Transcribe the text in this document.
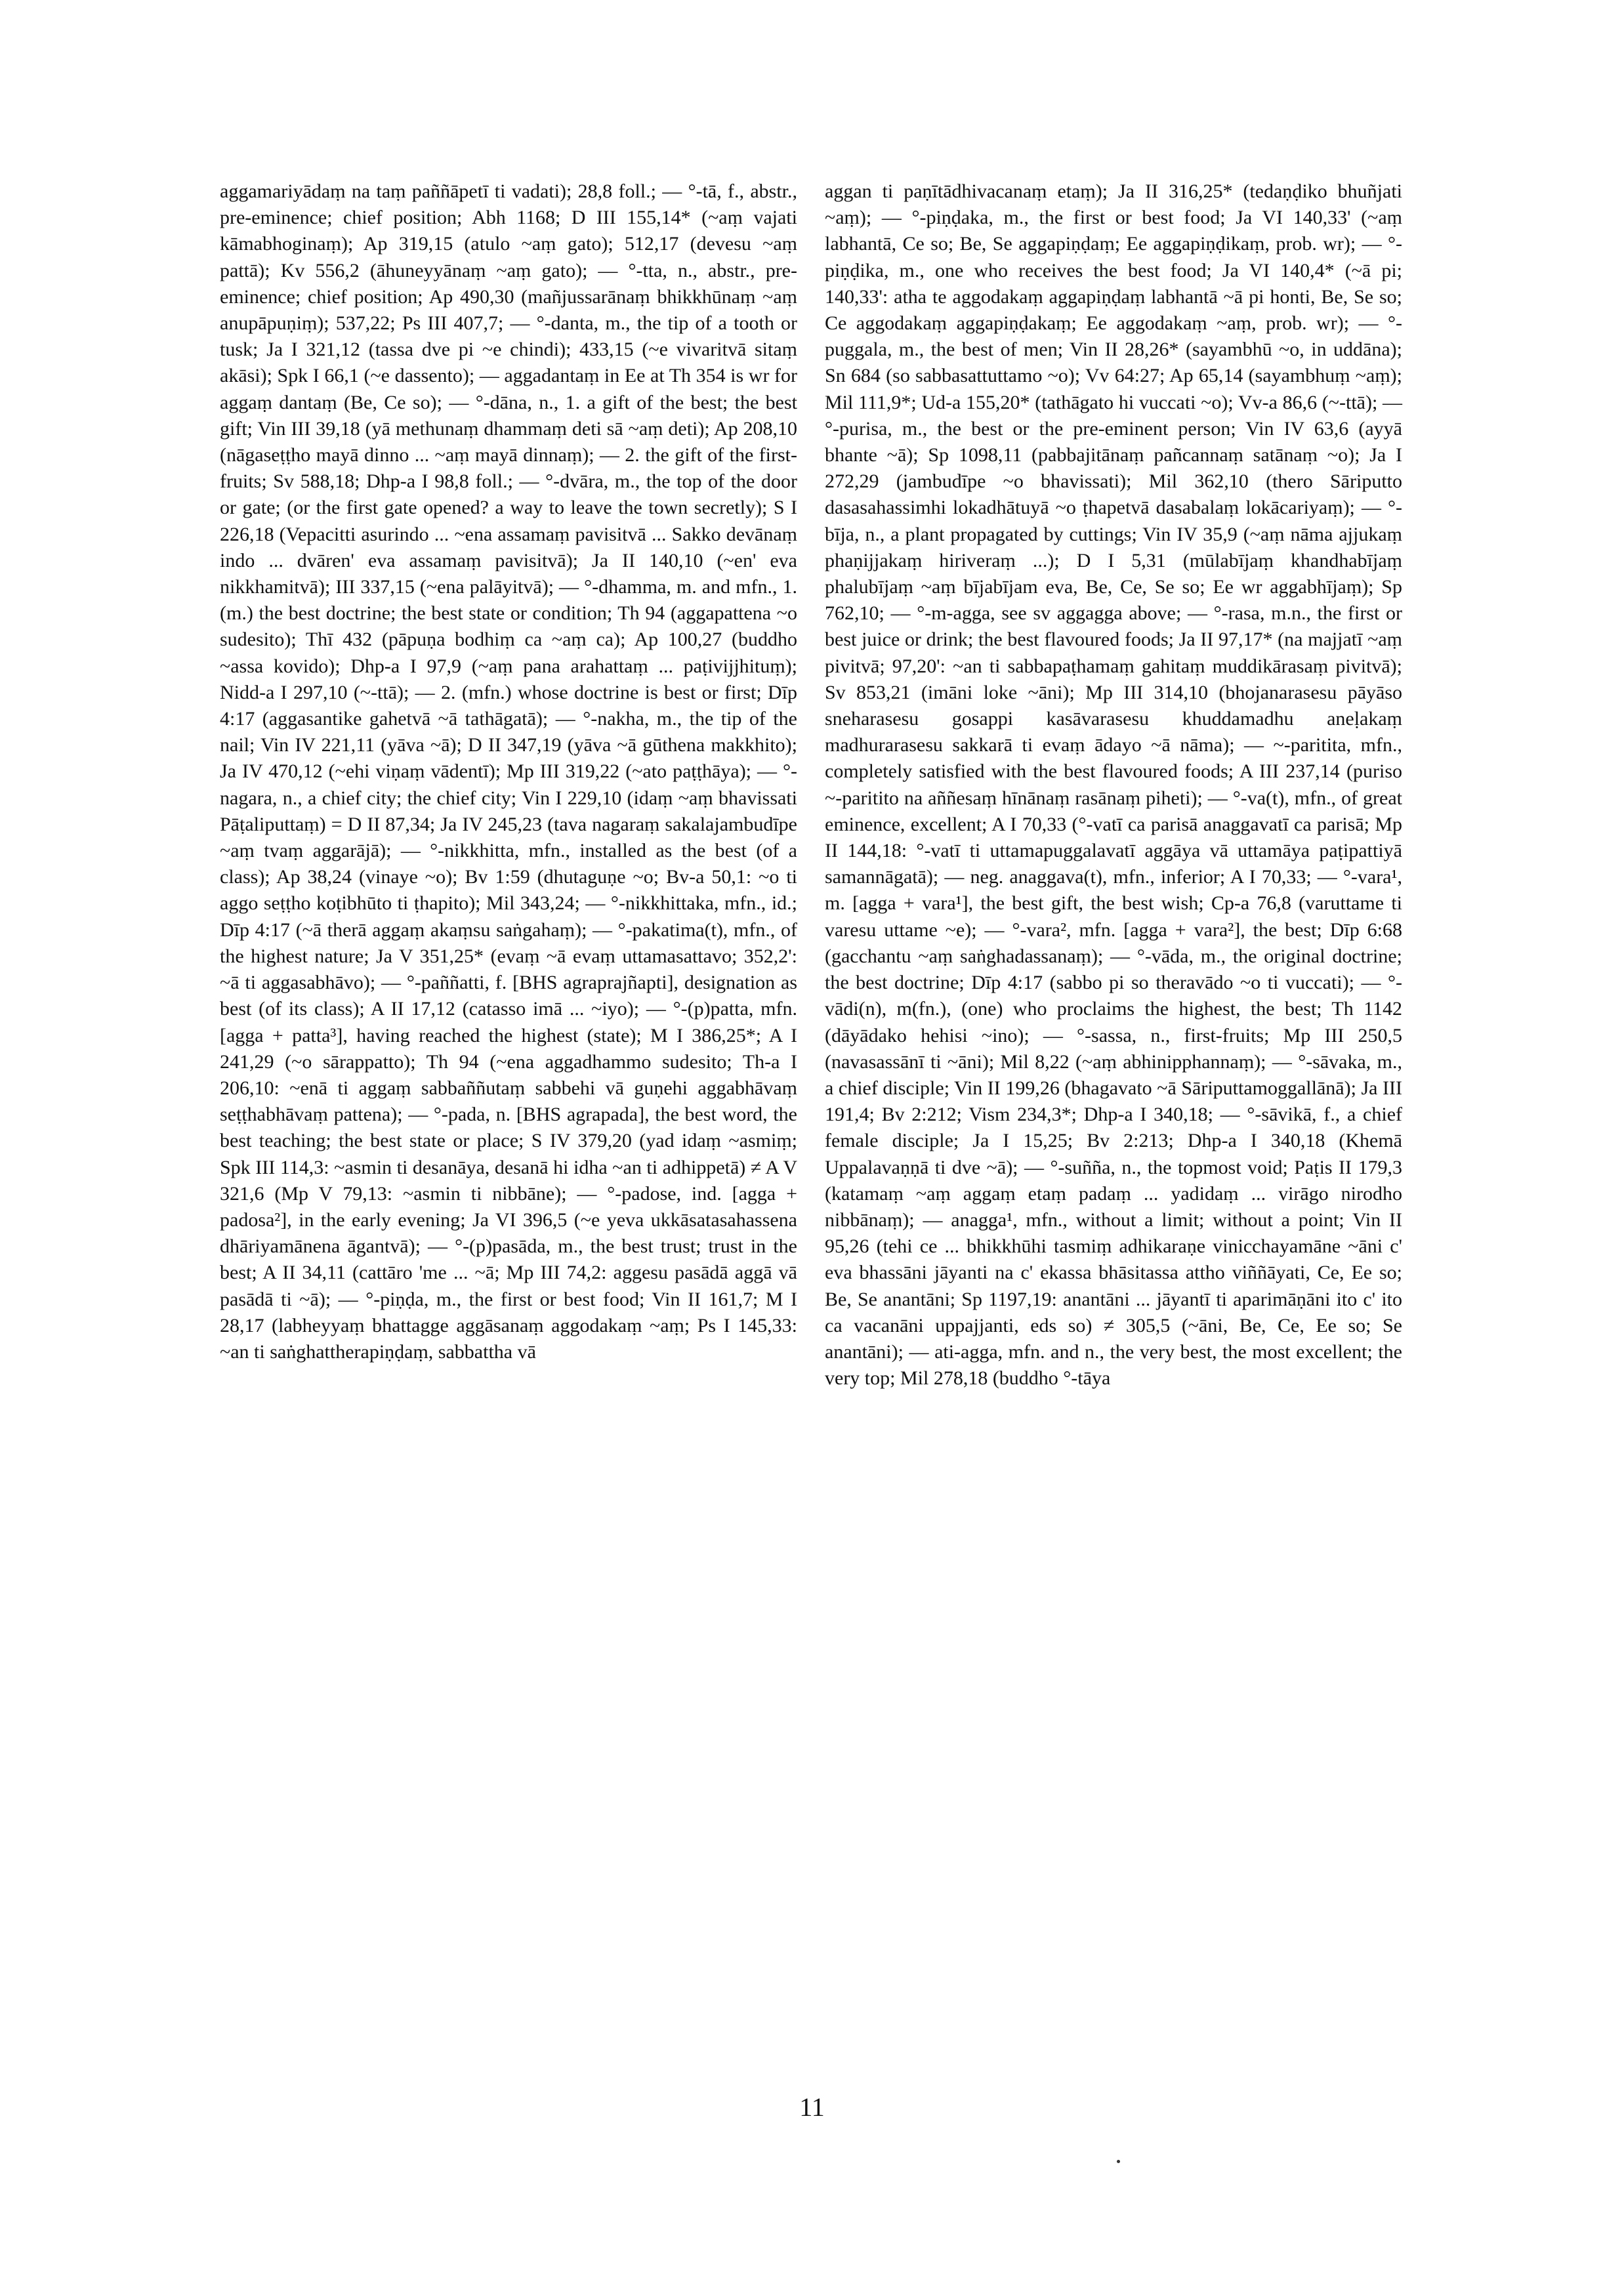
aggamariyādaṃ na taṃ paññāpetī ti vadati); 28,8 foll.; — °-tā, f., abstr., pre-eminence; chief position; Abh 1168; D III 155,14* (~aṃ vajati kāmabhoginaṃ); Ap 319,15 (atulo ~aṃ gato); 512,17 (devesu ~aṃ pattā); Kv 556,2 (āhuneyyānaṃ ~aṃ gato); — °-tta, n., abstr., pre-eminence; chief position; Ap 490,30 (mañjussarānaṃ bhikkhūnaṃ ~aṃ anupāpuṇiṃ); 537,22; Ps III 407,7; — °-danta, m., the tip of a tooth or tusk; Ja I 321,12 (tassa dve pi ~e chindi); 433,15 (~e vivaritvā sitaṃ akāsi); Spk I 66,1 (~e dassento); — aggadantaṃ in Ee at Th 354 is wr for aggaṃ dantaṃ (Be, Ce so); — °-dāna, n., 1. a gift of the best; the best gift; Vin III 39,18 (yā methunaṃ dhammaṃ deti sā ~aṃ deti); Ap 208,10 (nāgaseṭṭho mayā dinno ... ~aṃ mayā dinnaṃ); — 2. the gift of the first-fruits; Sv 588,18; Dhp-a I 98,8 foll.; — °-dvāra, m., the top of the door or gate; (or the first gate opened? a way to leave the town secretly); S I 226,18 (Vepacitti asurindo ... ~ena assamaṃ pavisitvā ... Sakko devānaṃ indo ... dvāren' eva assamaṃ pavisitvā); Ja II 140,10 (~en' eva nikkhamitvā); III 337,15 (~ena palāyitvā); — °-dhamma, m. and mfn., 1. (m.) the best doctrine; the best state or condition; Th 94 (aggapattena ~o sudesito); Thī 432 (pāpuṇa bodhiṃ ca ~aṃ ca); Ap 100,27 (buddho ~assa kovido); Dhp-a I 97,9 (~aṃ pana arahattaṃ ... paṭivijjhituṃ); Nidd-a I 297,10 (~-ttā); — 2. (mfn.) whose doctrine is best or first; Dīp 4:17 (aggasantike gahetvā ~ā tathāgatā); — °-nakha, m., the tip of the nail; Vin IV 221,11 (yāva ~ā); D II 347,19 (yāva ~ā gūthena makkhito); Ja IV 470,12 (~ehi viṇaṃ vādentī); Mp III 319,22 (~ato paṭṭhāya); — °-nagara, n., a chief city; the chief city; Vin I 229,10 (idaṃ ~aṃ bhavissati Pāṭaliputtaṃ) = D II 87,34; Ja IV 245,23 (tava nagaraṃ sakalajambudīpe ~aṃ tvaṃ aggarājā); — °-nikkhitta, mfn., installed as the best (of a class); Ap 38,24 (vinaye ~o); Bv 1:59 (dhutaguṇe ~o; Bv-a 50,1: ~o ti aggo seṭṭho koṭibhūto ti ṭhapito); Mil 343,24; — °-nikkhittaka, mfn., id.; Dīp 4:17 (~ā therā aggaṃ akaṃsu saṅgahaṃ); — °-pakatima(t), mfn., of the highest nature; Ja V 351,25* (evaṃ ~ā evaṃ uttamasattavo; 352,2': ~ā ti aggasabhāvo); — °-paññatti, f. [BHS agraprajñapti], designation as best (of its class); A II 17,12 (catasso imā ... ~iyo); — °-(p)patta, mfn. [agga + patta³], having reached the highest (state); M I 386,25*; A I 241,29 (~o sārappatto); Th 94 (~ena aggadhammo sudesito; Th-a I 206,10: ~enā ti aggaṃ sabbaññutaṃ sabbehi vā guṇehi aggabhāvaṃ seṭṭhabhāvaṃ pattena); — °-pada, n. [BHS agrapada], the best word, the best teaching; the best state or place; S IV 379,20 (yad idaṃ ~asmiṃ; Spk III 114,3: ~asmin ti desanāya, desanā hi idha ~an ti adhippetā) ≠ A V 321,6 (Mp V 79,13: ~asmin ti nibbāne); — °-padose, ind. [agga + padosa²], in the early evening; Ja VI 396,5 (~e yeva ukkāsatasahassena dhāriyamānena āgantvā); — °-(p)pasāda, m., the best trust; trust in the best; A II 34,11 (cattāro 'me ... ~ā; Mp III 74,2: aggesu pasādā aggā vā pasādā ti ~ā); — °-piṇḍa, m., the first or best food; Vin II 161,7; M I 28,17 (labheyyaṃ bhattagge aggāsanaṃ aggodakaṃ ~aṃ; Ps I 145,33: ~an ti saṅghattherapiṇḍaṃ, sabbattha vā

aggan ti paṇītādhivacanaṃ etaṃ); Ja II 316,25* (tedaṇḍiko bhuñjati ~aṃ); — °-piṇḍaka, m., the first or best food; Ja VI 140,33' (~aṃ labhantā, Ce so; Be, Se aggapiṇḍaṃ; Ee aggapiṇḍikaṃ, prob. wr); — °-piṇḍika, m., one who receives the best food; Ja VI 140,4* (~ā pi; 140,33': atha te aggodakaṃ aggapiṇḍaṃ labhantā ~ā pi honti, Be, Se so; Ce aggodakaṃ aggapiṇḍakaṃ; Ee aggodakaṃ ~aṃ, prob. wr); — °-puggala, m., the best of men; Vin II 28,26* (sayambhū ~o, in uddāna); Sn 684 (so sabbasattuttamo ~o); Vv 64:27; Ap 65,14 (sayambhuṃ ~aṃ); Mil 111,9*; Ud-a 155,20* (tathāgato hi vuccati ~o); Vv-a 86,6 (~-ttā); — °-purisa, m., the best or the pre-eminent person; Vin IV 63,6 (ayyā bhante ~ā); Sp 1098,11 (pabbajitānaṃ pañcannaṃ satānaṃ ~o); Ja I 272,29 (jambudīpe ~o bhavissati); Mil 362,10 (thero Sāriputto dasasahassimhi lokadhātuyā ~o ṭhapetvā dasabalaṃ lokācariyaṃ); — °-bīja, n., a plant propagated by cuttings; Vin IV 35,9 (~aṃ nāma ajjukaṃ phaṇijjakaṃ hiriveraṃ ...); D I 5,31 (mūlabījaṃ khandhabījaṃ phalubījaṃ ~aṃ bījabījam eva, Be, Ce, Se so; Ee wr aggabhījaṃ); Sp 762,10; — °-m-agga, see sv aggagga above; — °-rasa, m.n., the first or best juice or drink; the best flavoured foods; Ja II 97,17* (na majjatī ~aṃ pivitvā; 97,20': ~an ti sabbapaṭhamaṃ gahitaṃ muddikārasaṃ pivitvā); Sv 853,21 (imāni loke ~āni); Mp III 314,10 (bhojanarasesu pāyāso sneharasesu gosappi kasāvarasesu khuddamadhu aneḷakaṃ madhurarasesu sakkarā ti evaṃ ādayo ~ā nāma); — ~-paritita, mfn., completely satisfied with the best flavoured foods; A III 237,14 (puriso ~-paritito na aññesaṃ hīnānaṃ rasānaṃ piheti); — °-va(t), mfn., of great eminence, excellent; A I 70,33 (°-vatī ca parisā anaggavatī ca parisā; Mp II 144,18: °-vatī ti uttamapuggalavatī aggāya vā uttamāya paṭipattiyā samannāgatā); — neg. anaggava(t), mfn., inferior; A I 70,33; — °-vara¹, m. [agga + vara¹], the best gift, the best wish; Cp-a 76,8 (varuttame ti varesu uttame ~e); — °-vara², mfn. [agga + vara²], the best; Dīp 6:68 (gacchantu ~aṃ saṅghadassanaṃ); — °-vāda, m., the original doctrine; the best doctrine; Dīp 4:17 (sabbo pi so theravādo ~o ti vuccati); — °-vādi(n), m(fn.), (one) who proclaims the highest, the best; Th 1142 (dāyādako hehisi ~ino); — °-sassa, n., first-fruits; Mp III 250,5 (navasassānī ti ~āni); Mil 8,22 (~aṃ abhinipphannaṃ); — °-sāvaka, m., a chief disciple; Vin II 199,26 (bhagavato ~ā Sāriputtamoggallānā); Ja III 191,4; Bv 2:212; Vism 234,3*; Dhp-a I 340,18; — °-sāvikā, f., a chief female disciple; Ja I 15,25; Bv 2:213; Dhp-a I 340,18 (Khemā Uppalavaṇṇā ti dve ~ā); — °-suñña, n., the topmost void; Paṭis II 179,3 (katamaṃ ~aṃ aggaṃ etaṃ padaṃ ... yadidaṃ ... virāgo nirodho nibbānaṃ); — anagga¹, mfn., without a limit; without a point; Vin II 95,26 (tehi ce ... bhikkhūhi tasmiṃ adhikaraṇe vinicchayamāne ~āni c' eva bhassāni jāyanti na c' ekassa bhāsitassa attho viññāyati, Ce, Ee so; Be, Se anantāni; Sp 1197,19: anantāni ... jāyantī ti aparimāṇāni ito c' ito ca vacanāni uppajjanti, eds so) ≠ 305,5 (~āni, Be, Ce, Ee so; Se anantāni); — ati-agga, mfn. and n., the very best, the most excellent; the very top; Mil 278,18 (buddho °-tāya

11
